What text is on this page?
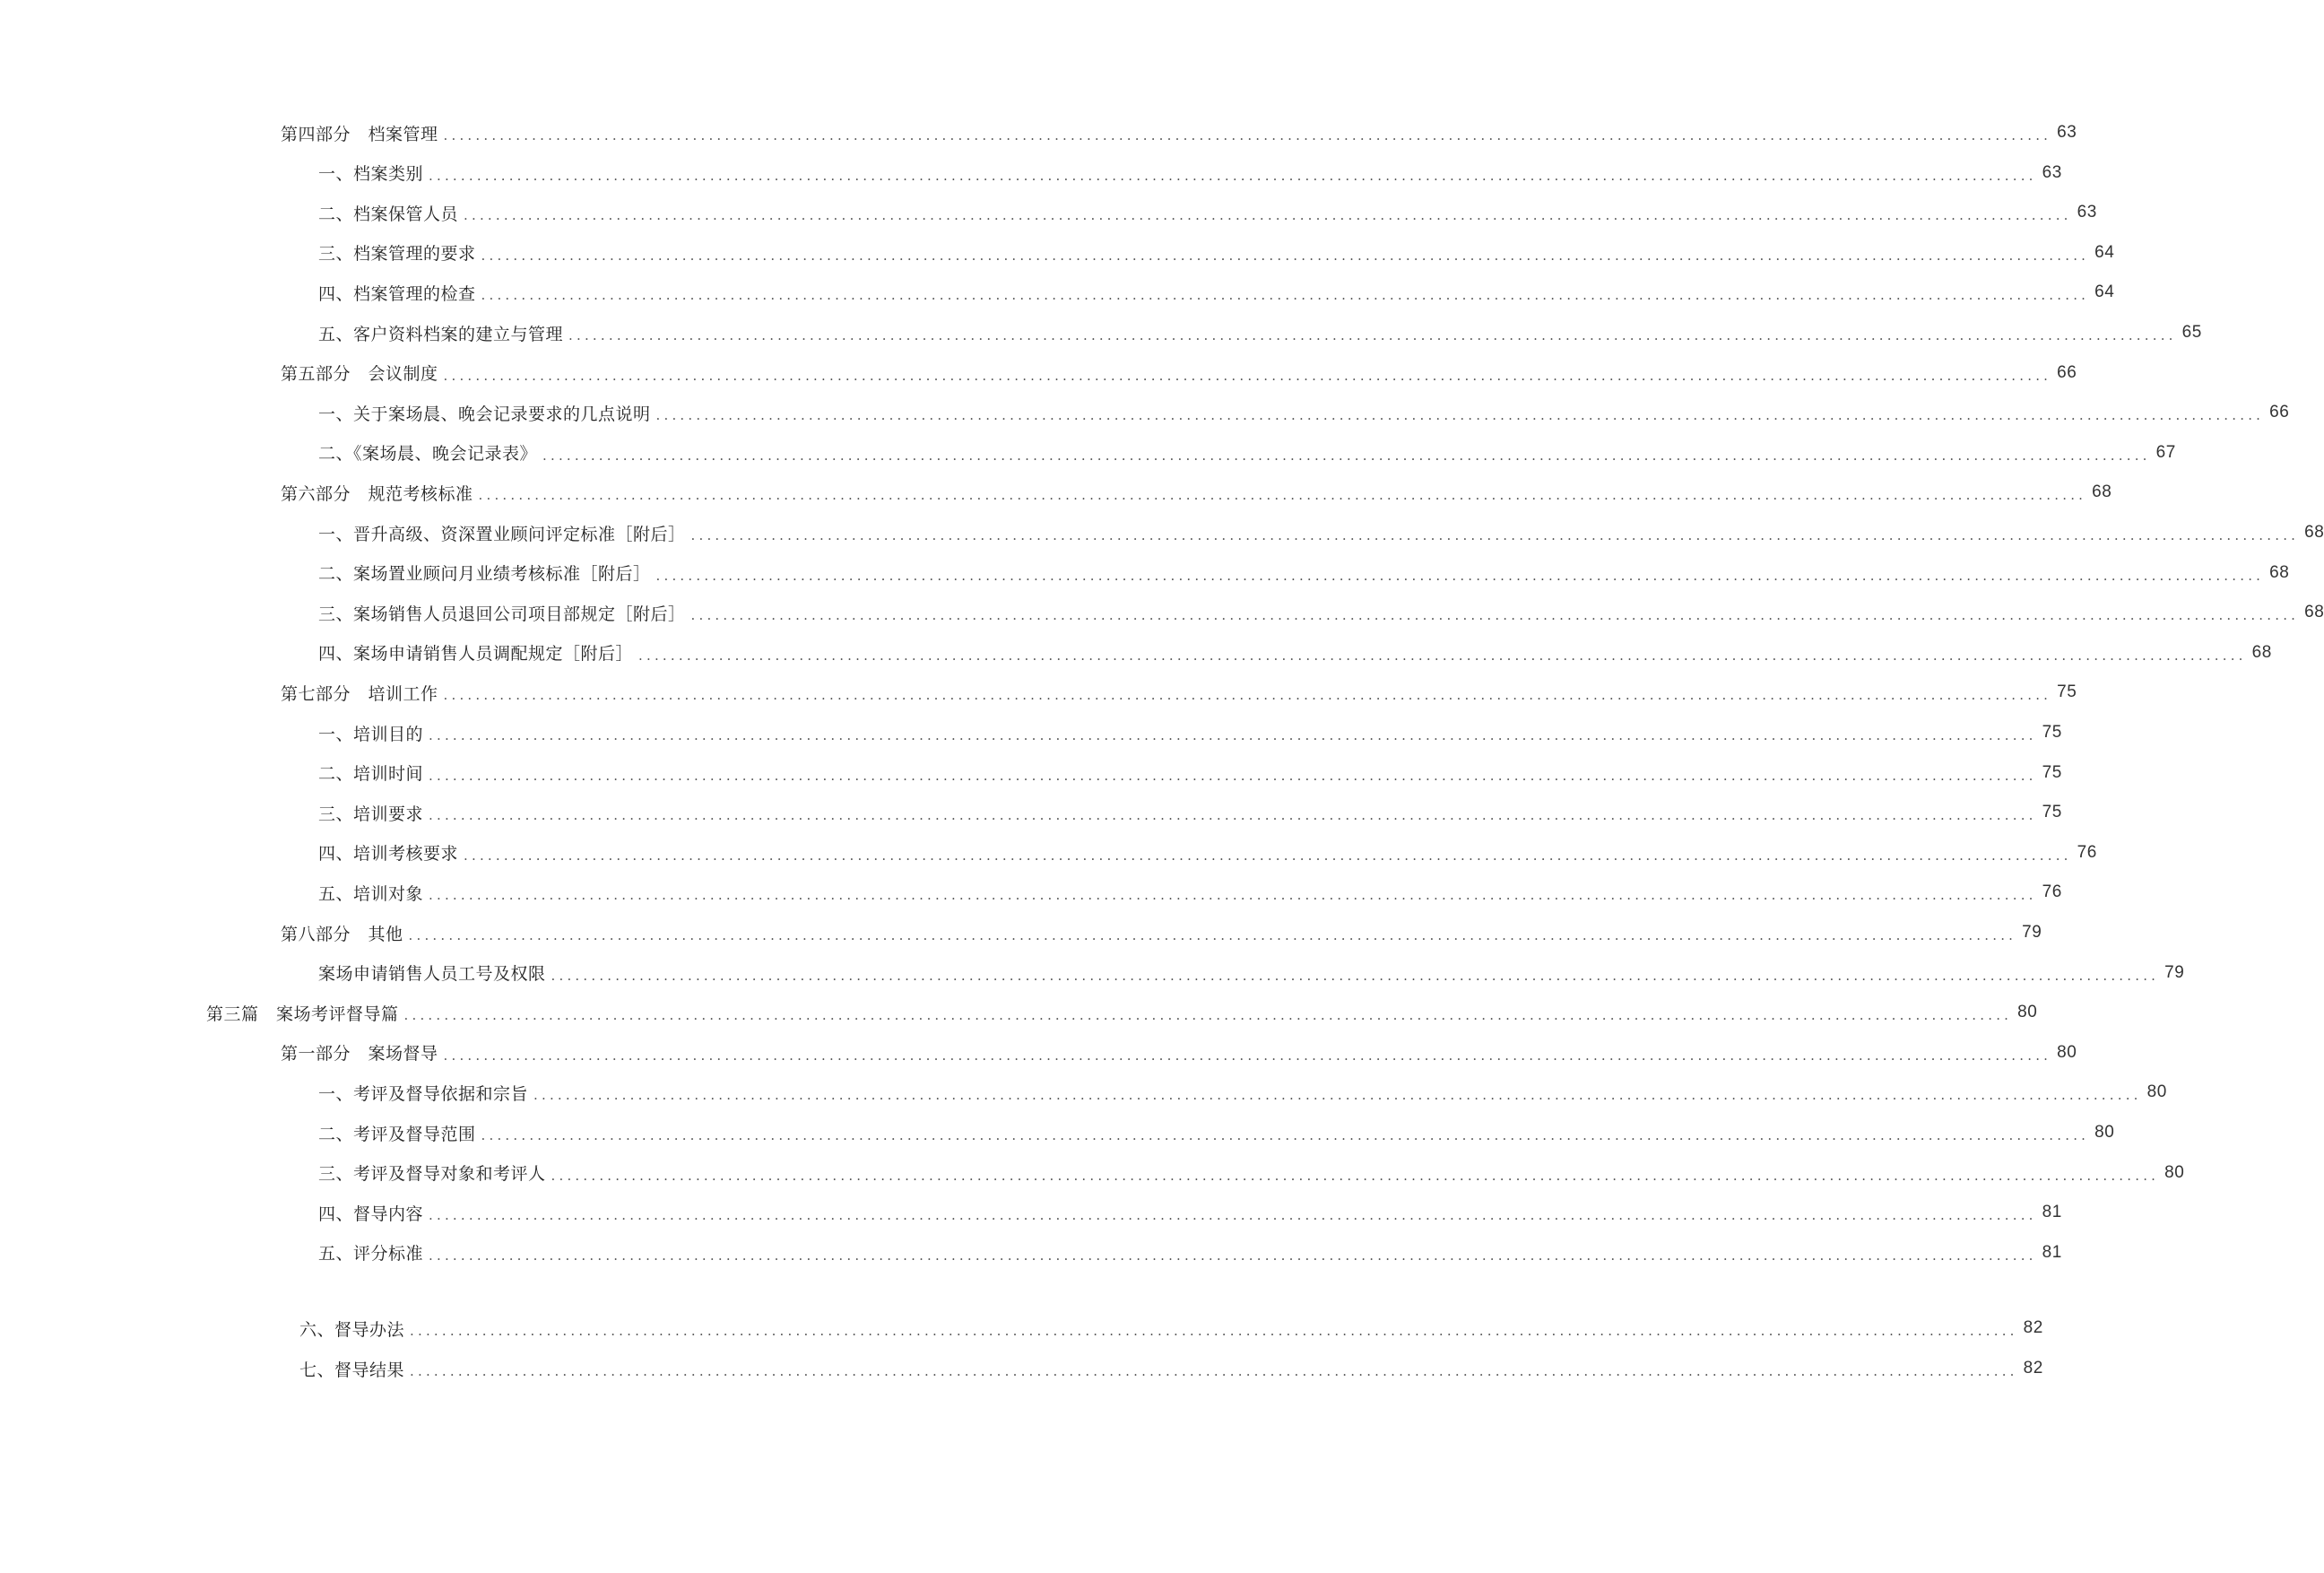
第四部分　档案管理 ........................................................................................................................................................................................................ 63
一、档案类别 ........................................................................................................................................................................................................ 63
二、档案保管人员 ........................................................................................................................................................................................................ 63
三、档案管理的要求 ........................................................................................................................................................................................................ 64
四、档案管理的检查 ........................................................................................................................................................................................................ 64
五、客户资料档案的建立与管理 ........................................................................................................................................................................................................ 65
第五部分　会议制度 ........................................................................................................................................................................................................ 66
一、关于案场晨、晚会记录要求的几点说明 ........................................................................................................................................................................................................ 66
二、《案场晨、晚会记录表》 ........................................................................................................................................................................................................ 67
第六部分　规范考核标准 ........................................................................................................................................................................................................ 68
一、晋升高级、资深置业顾问评定标准［附后］ ........................................................................................................................................................................................................ 68
二、案场置业顾问月业绩考核标准［附后］ ........................................................................................................................................................................................................ 68
三、案场销售人员退回公司项目部规定［附后］ ........................................................................................................................................................................................................ 68
四、案场申请销售人员调配规定［附后］ ........................................................................................................................................................................................................ 68
第七部分　培训工作 ........................................................................................................................................................................................................ 75
一、培训目的 ........................................................................................................................................................................................................ 75
二、培训时间 ........................................................................................................................................................................................................ 75
三、培训要求 ........................................................................................................................................................................................................ 75
四、培训考核要求 ........................................................................................................................................................................................................ 76
五、培训对象 ........................................................................................................................................................................................................ 76
第八部分　其他 ........................................................................................................................................................................................................ 79
案场申请销售人员工号及权限 ........................................................................................................................................................................................................ 79
第三篇　案场考评督导篇 ........................................................................................................................................................................................................ 80
第一部分　案场督导 ........................................................................................................................................................................................................ 80
一、考评及督导依据和宗旨 ........................................................................................................................................................................................................ 80
二、考评及督导范围 ........................................................................................................................................................................................................ 80
三、考评及督导对象和考评人 ........................................................................................................................................................................................................ 80
四、督导内容 ........................................................................................................................................................................................................ 81
五、评分标准 ........................................................................................................................................................................................................ 81
六、督导办法 ........................................................................................................................................................................................................ 82
七、督导结果 ........................................................................................................................................................................................................ 82
